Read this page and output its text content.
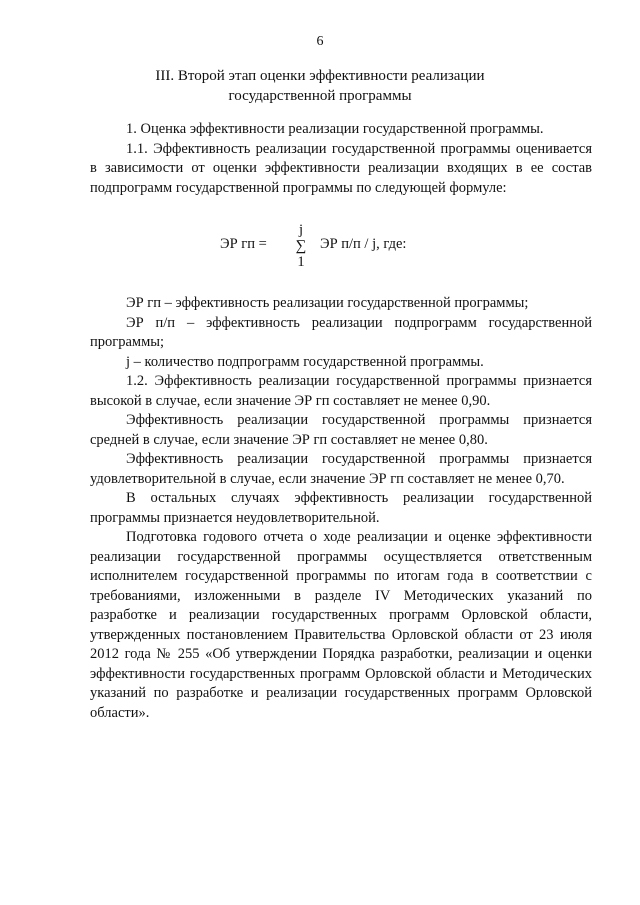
6
III. Второй этап оценки эффективности реализации
государственной программы

1. Оценка эффективности реализации государственной программы.

1.1. Эффективность реализации государственной программы оценивается в зависимости от оценки эффективности реализации входящих в ее состав подпрограмм государственной программы по следующей формуле:

ЭР гп =
j
∑
1
ЭР п/п / j, где:

ЭР гп – эффективность реализации государственной программы;

ЭР п/п – эффективность реализации подпрограмм государственной программы;

j – количество подпрограмм государственной программы.

1.2. Эффективность реализации государственной программы признается высокой в случае, если значение ЭР гп составляет не менее 0,90.

Эффективность реализации государственной программы признается средней в случае, если значение ЭР гп составляет не менее 0,80.

Эффективность реализации государственной программы признается удовлетворительной в случае, если значение ЭР гп составляет не менее 0,70.

В остальных случаях эффективность реализации государственной программы признается неудовлетворительной.

Подготовка годового отчета о ходе реализации и оценке эффективности реализации государственной программы осуществляется ответственным исполнителем государственной программы по итогам года в соответствии с требованиями, изложенными в разделе IV Методических указаний по разработке и реализации государственных программ Орловской области, утвержденных постановлением Правительства Орловской области от 23 июля 2012 года № 255 «Об утверждении Порядка разработки, реализации и оценки эффективности государственных программ Орловской области и Методических указаний по разработке и реализации государственных программ Орловской области».
